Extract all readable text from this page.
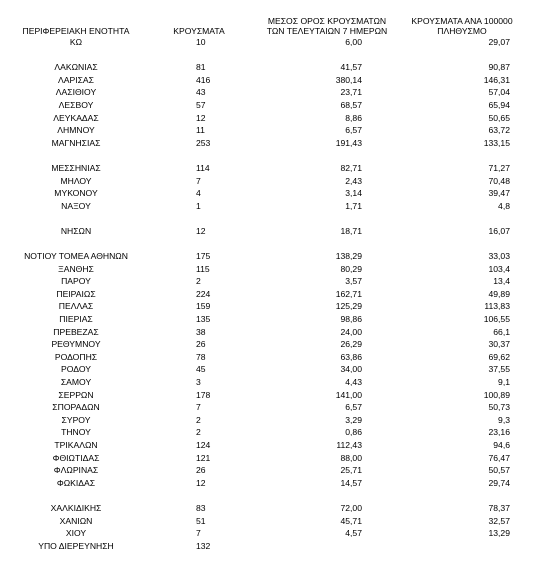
ΠΕΡΙΦΕΡΕΙΑΚΗ ΕΝΟΤΗΤΑ	ΚΡΟΥΣΜΑΤΑ
ΜΕΣΟΣ ΟΡΟΣ ΚΡΟΥΣΜΑΤΩΝ
ΤΩΝ ΤΕΛΕΥΤΑΙΩΝ 7 ΗΜΕΡΩΝ
ΚΡΟΥΣΜΑΤΑ ΑΝΑ 100000
ΠΛΗΘΥΣΜΟ
ΚΩ	10	6,00	29,07
ΛΑΚΩΝΙΑΣ	81	41,57	90,87
ΛΑΡΙΣΑΣ	416	380,14	146,31
ΛΑΣΙΘΙΟΥ	43	23,71	57,04
ΛΕΣΒΟΥ	57	68,57	65,94
ΛΕΥΚΑΔΑΣ	12	8,86	50,65
ΛΗΜΝΟΥ	11	6,57	63,72
ΜΑΓΝΗΣΙΑΣ	253	191,43	133,15
ΜΕΣΣΗΝΙΑΣ	114	82,71	71,27
ΜΗΛΟΥ	7	2,43	70,48
ΜΥΚΟΝΟΥ	4	3,14	39,47
ΝΑΞΟΥ	1	1,71	4,8
ΝΗΣΩΝ	12	18,71	16,07
ΝΟΤΙΟΥ ΤΟΜΕΑ ΑΘΗΝΩΝ	175	138,29	33,03
ΞΑΝΘΗΣ	115	80,29	103,4
ΠΑΡΟΥ	2	3,57	13,4
ΠΕΙΡΑΙΩΣ	224	162,71	49,89
ΠΕΛΛΑΣ	159	125,29	113,83
ΠΙΕΡΙΑΣ	135	98,86	106,55
ΠΡΕΒΕΖΑΣ	38	24,00	66,1
ΡΕΘΥΜΝΟΥ	26	26,29	30,37
ΡΟΔΟΠΗΣ	78	63,86	69,62
ΡΟΔΟΥ	45	34,00	37,55
ΣΑΜΟΥ	3	4,43	9,1
ΣΕΡΡΩΝ	178	141,00	100,89
ΣΠΟΡΑΔΩΝ	7	6,57	50,73
ΣΥΡΟΥ	2	3,29	9,3
ΤΗΝΟΥ	2	0,86	23,16
ΤΡΙΚΑΛΩΝ	124	112,43	94,6
ΦΘΙΩΤΙΔΑΣ	121	88,00	76,47
ΦΛΩΡΙΝΑΣ	26	25,71	50,57
ΦΩΚΙΔΑΣ	12	14,57	29,74
ΧΑΛΚΙΔΙΚΗΣ	83	72,00	78,37
ΧΑΝΙΩΝ	51	45,71	32,57
ΧΙΟΥ	7	4,57	13,29
ΥΠΟ ΔΙΕΡΕΥΝΗΣΗ	132
